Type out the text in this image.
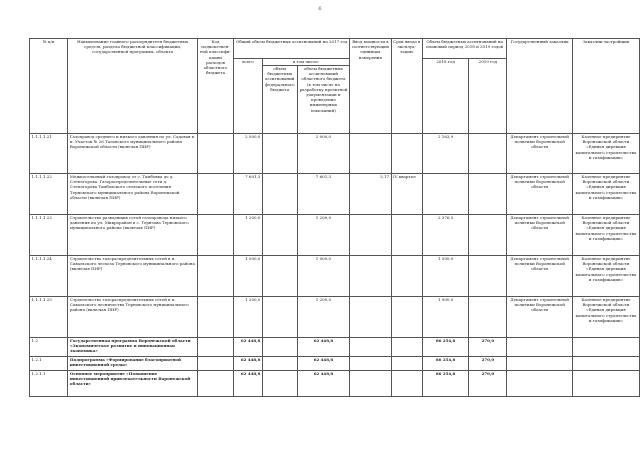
6
№ п/п	Наименование главного распорядителя бюджетных средств, раздела бюджетной классификации, государственной программы, объекта	Код подвомствен-ной классифи-кации расходов областного бюджета	Общий объем бюджетных ассигнований на 2017 год			Ввод мощности в соответствующих единицах измерения	Срок ввода в эксплуа-тацию	Объем бюджетных ассигнований на плановый период 2018 и 2019 годов		Государственный заказчик	Заказчик-застройщик
			всего	в том числе:				2018 год	2019 год		
				объем бюджетных ассигнований федерального бюджета	объем бюджетных ассигнований областного бюджета (в том числе на разработку проектной документации и проведение инженерных изысканий)						
1.1.1.1.21	Газопровод среднего и низкого давления по ул. Садовая в п. Участок № 26 Таловского муниципального района Воронежской области (включая ПИР)		2 000,0		2 000,0			2 163,9		Департамент строительной политики Воронежской области	Казенное предприятие Воронежской области «Единая дирекция капитального строительства и газификации»
1.1.1.1.22	Межпоселковый газопровод от с. Тамбовка до д. Стемзгорова. Газораспределительные сети д. Стемзгорова Тамбовского сельского поселения Терновского муниципального района Воронежской области (включая ПИР)		7 601,3		7 601,3	5,17	IV квартал			Департамент строительной политики Воронежской области	Казенное предприятие Воронежской области «Единая дирекция капитального строительства и газификации»
1.1.1.1.23	Строительство разводящих сетей газопровода низкого давления по ул. Микрорайон в с. Тернзова Терновского муниципального района (включая ПИР)		1 200,0		1 200,0			2 376,5		Департамент строительной политики Воронежской области	Казенное предприятие Воронежской области «Единая дирекция капитального строительства и газификации»
1.1.1.1.24	Строительство газораспределительных сетей в п. Савальского лесхоза Терновского муниципального района (включая ПИР)		1 000,0		1 000,0			1 500,0		Департамент строительной политики Воронежской области	Казенное предприятие Воронежской области «Единая дирекция капитального строительства и газификации»
1.1.1.1.25	Строительство газораспределительных сетей в п. Савальского лесничества Терновского муниципального района (включая ПИР)		1 200,0		1 200,0			1 900,0		Департамент строительной политики Воронежской области	Казенное предприятие Воронежской области «Единая дирекция капитального строительства и газификации»
1.2	Государственная программа Воронежской области «Экономическое развитие и инновационная экономика»		62 448,8		62 448,8			86 254,8	270,0		
1.2.1	Подпрограмма «Формирование благоприятной инвестиционной среды»		62 448,8		62 448,8			86 254,8	270,0		
1.2.1.1	Основное мероприятие «Повышение инвестиционной привлекательности Воронежской области»		62 448,8		62 448,8			86 254,8	270,0		
